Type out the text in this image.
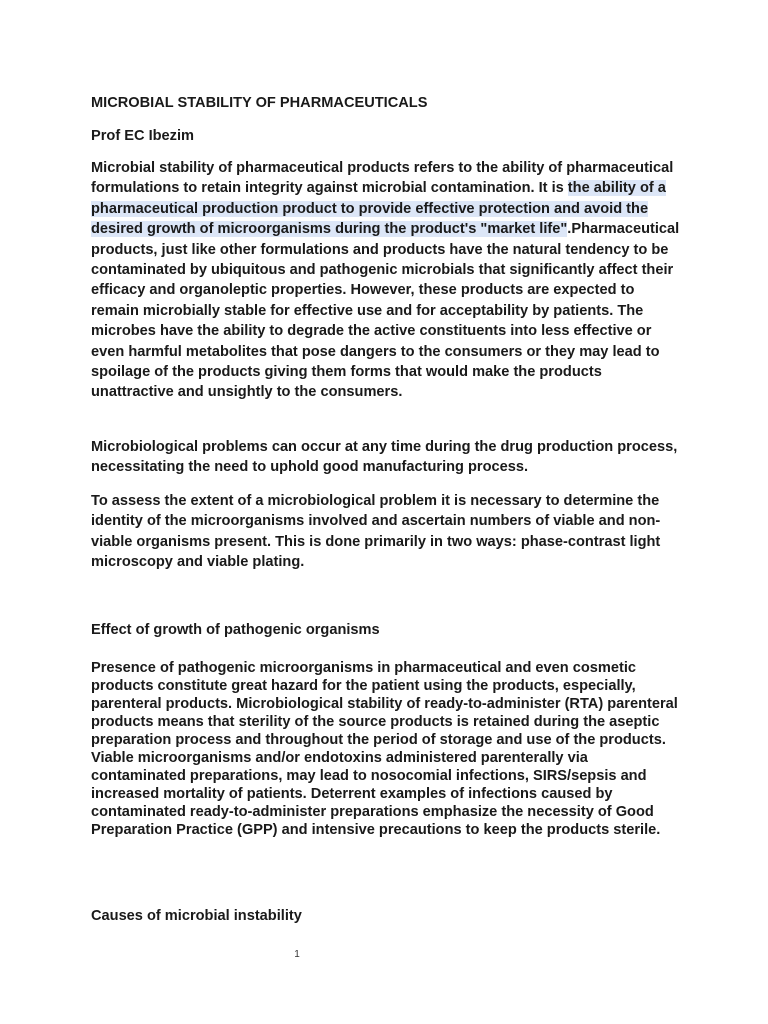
MICROBIAL STABILITY OF PHARMACEUTICALS

Prof EC Ibezim

Microbial stability of pharmaceutical products refers to the ability of pharmaceutical formulations to retain integrity against microbial contamination. It is the ability of a pharmaceutical production product to provide effective protection and avoid the desired growth of microorganisms during the product's "market life".Pharmaceutical products, just like other formulations and products have the natural tendency to be contaminated by ubiquitous and pathogenic microbials that significantly affect their efficacy and organoleptic properties. However, these products are expected to remain microbially stable for effective use and for acceptability by patients. The microbes have the ability to degrade the active constituents into less effective or even harmful metabolites that pose dangers to the consumers or they may lead to spoilage of the products giving them forms that would make the products unattractive and unsightly to the consumers.

Microbiological problems can occur at any time during the drug production process, necessitating the need to uphold good manufacturing process.

To assess the extent of a microbiological problem it is necessary to determine the identity of the microorganisms involved and ascertain numbers of viable and non-viable organisms present. This is done primarily in two ways: phase-contrast light microscopy and viable plating.

Effect of growth of pathogenic organisms

Presence of pathogenic microorganisms in pharmaceutical and even cosmetic products constitute great hazard for the patient using the products, especially, parenteral products. Microbiological stability of ready-to-administer (RTA) parenteral products means that sterility of the source products is retained during the aseptic preparation process and throughout the period of storage and use of the products. Viable microorganisms and/or endotoxins administered parenterally via contaminated preparations, may lead to nosocomial infections, SIRS/sepsis and increased mortality of patients. Deterrent examples of infections caused by contaminated ready-to-administer preparations emphasize the necessity of Good Preparation Practice (GPP) and intensive precautions to keep the products sterile.

Causes of microbial instability

1
